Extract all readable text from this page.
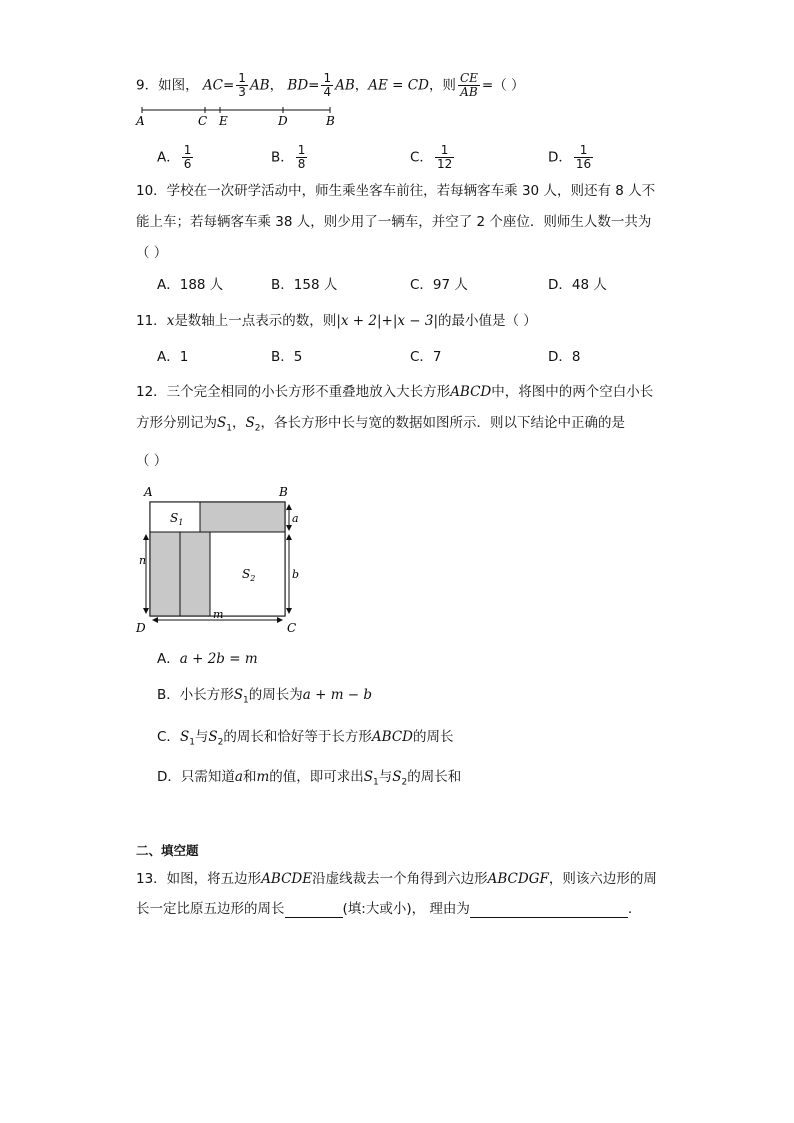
9．如图， $AC= \frac{1}{3}$ AB， $BD= \frac{1}{4}$ AB，AE = CD，则 $\frac{CE}{AB}$ =（ ）
A	C E	D	B
A． $\frac{1}{6}$	B． $\frac{1}{8}$	C． $\frac{1}{12}$	D． $\frac{1}{16}$
10．学校在一次研学活动中，师生乘坐客车前往，若每辆客车乘 30 人，则还有 8 人不
能上车；若每辆客车乘 38 人，则少用了一辆车，并空了 2 个座位．则师生人数一共为
（ ）
A．188 人	B．158 人	C．97 人	D．48 人
11．x是数轴上一点表示的数，则|x + 2|+|x − 3|的最小值是（ ）
A．1	B．5	C．7	D．8
12．三个完全相同的小长方形不重叠地放入大长方形ABCD中，将图中的两个空白小长
方形分别记为$S_1$，$S_2$，各长方形中长与宽的数据如图所示．则以下结论中正确的是
（ ）
A	B
C
D
$S_1$
$S_2$
a
b
n
m
A．a + 2b = m
B．小长方形$S_1$的周长为a + m − b
C．$S_1$与$S_2$的周长和恰好等于长方形ABCD的周长
D．只需知道a和m的值，即可求出$S_1$与$S_2$的周长和
二、填空题
13．如图，将五边形ABCDE沿虚线裁去一个角得到六边形ABCDGF，则该六边形的周
长一定比原五边形的周长	(填:大或小)， 理由为	.
